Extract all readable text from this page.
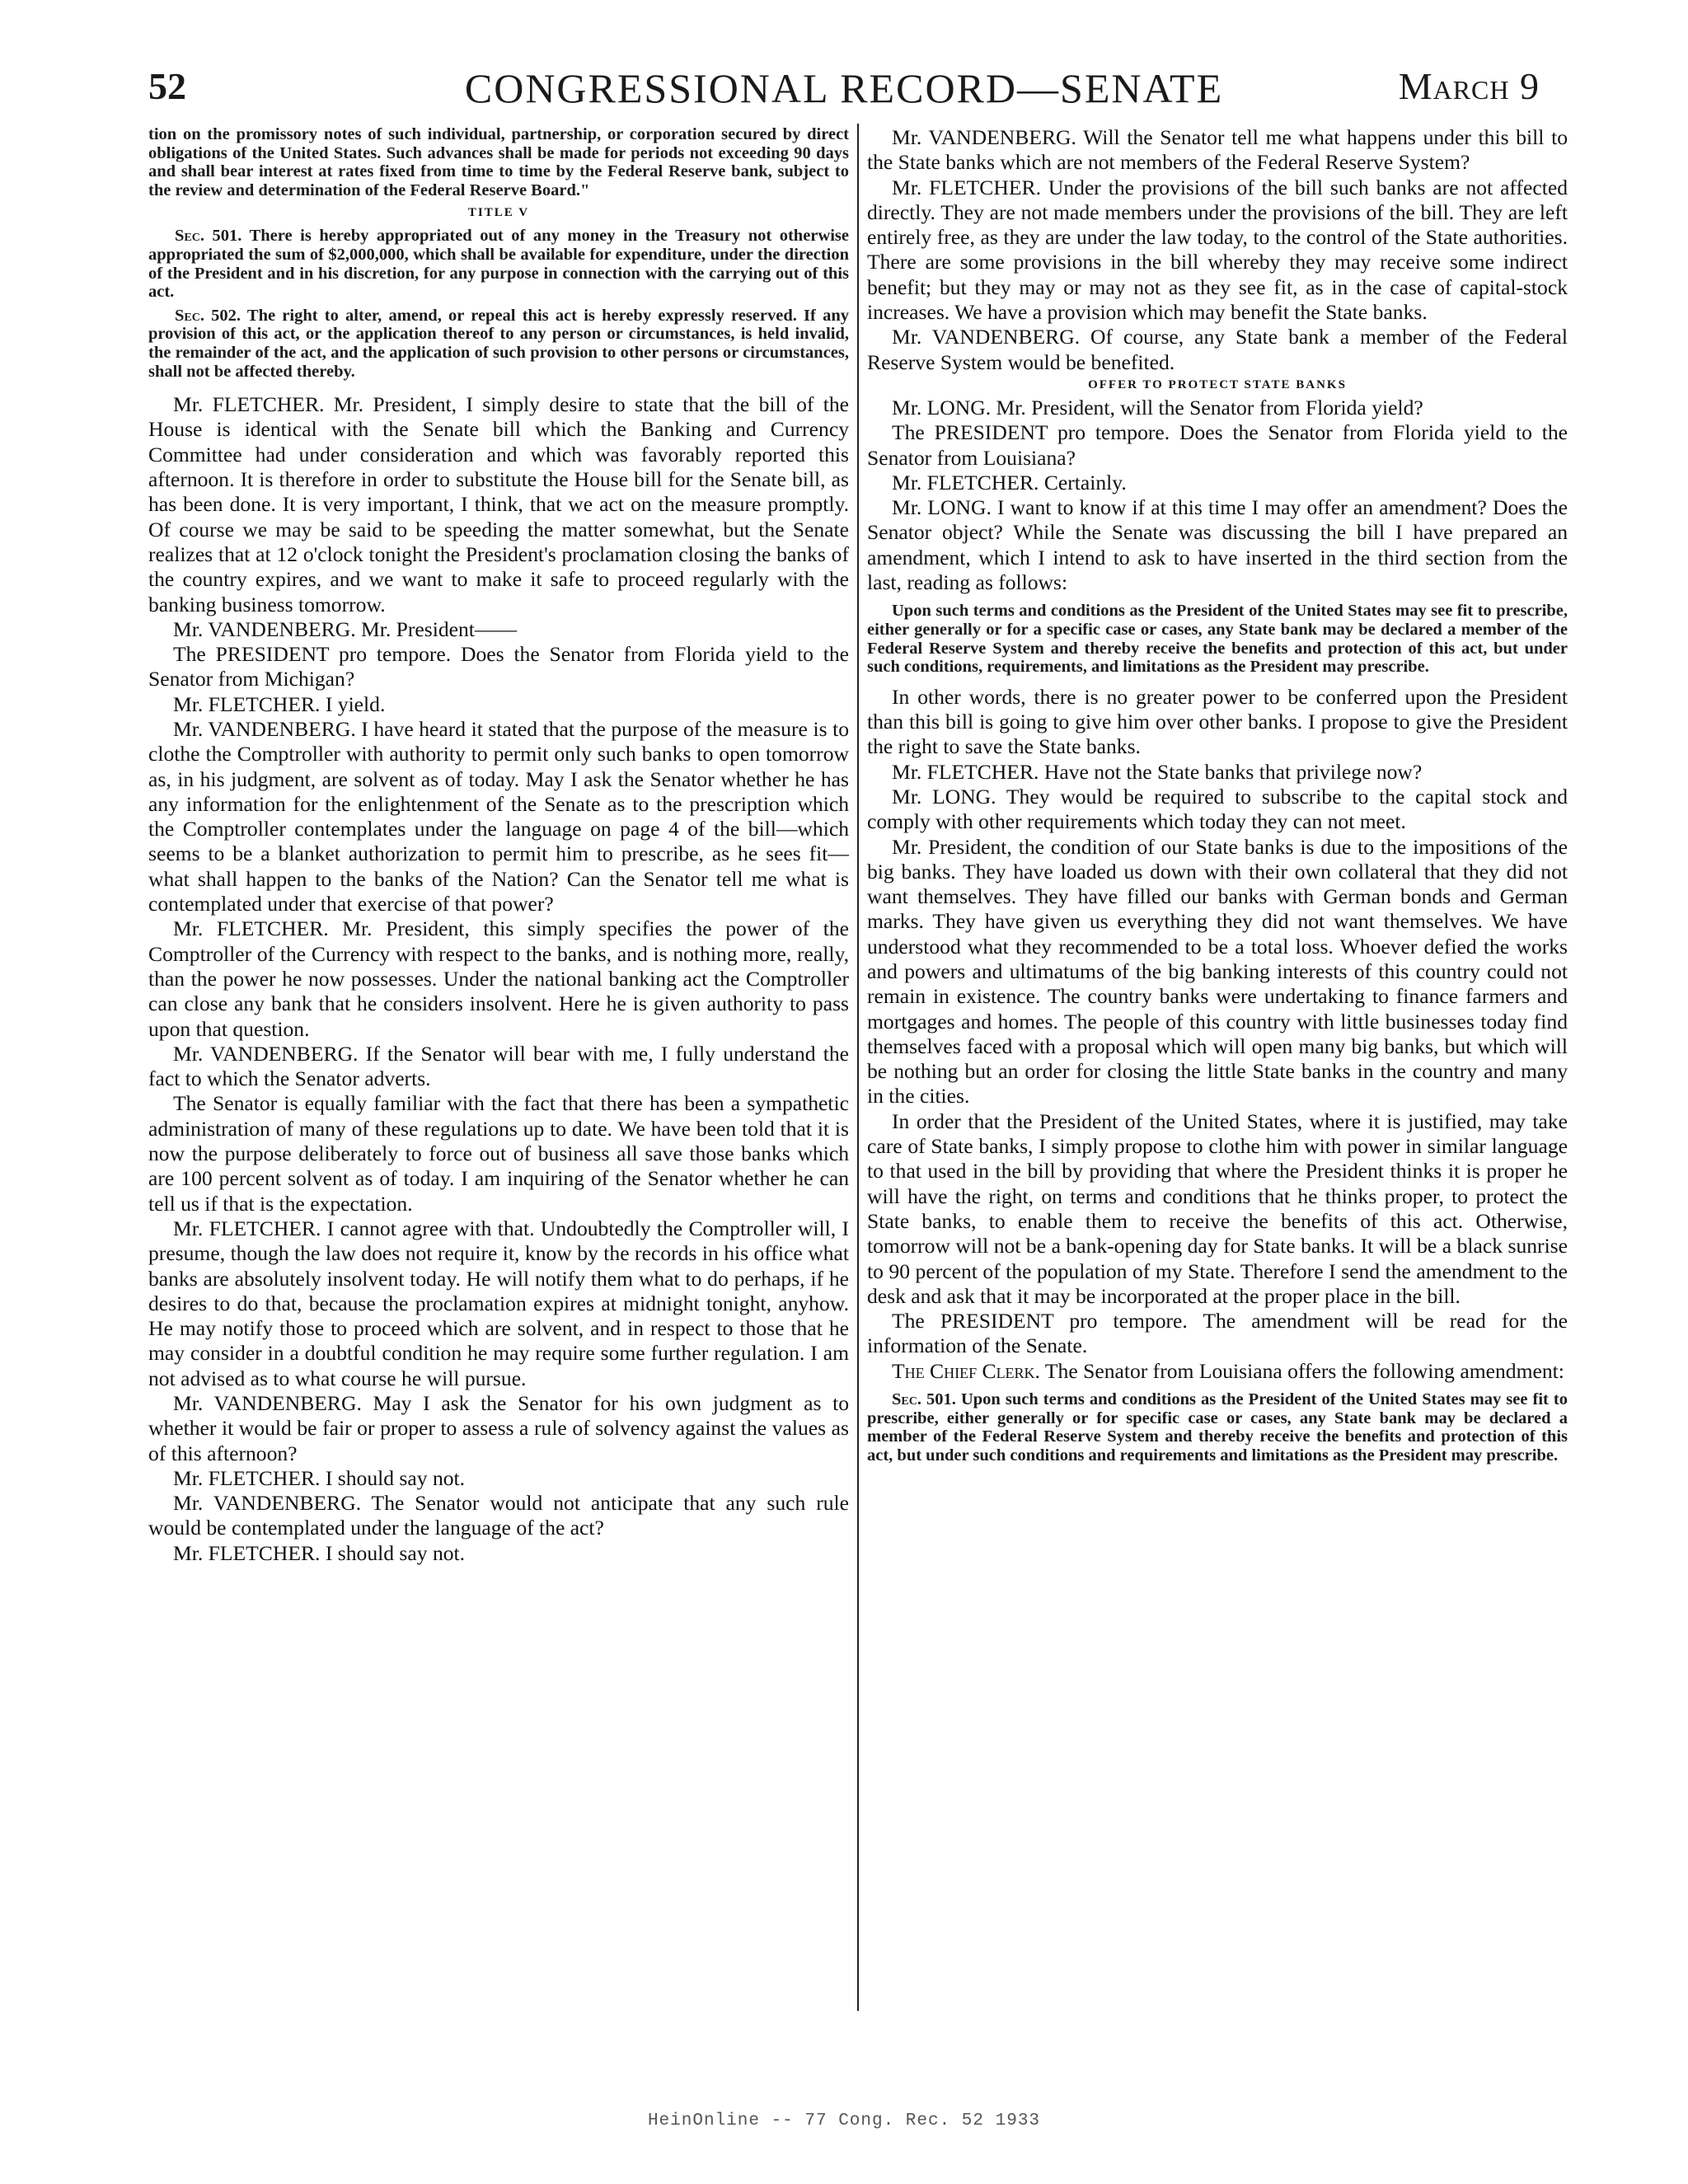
52	CONGRESSIONAL RECORD—SENATE	March 9

tion on the promissory notes of such individual, partnership, or corporation secured by direct obligations of the United States. Such advances shall be made for periods not exceeding 90 days and shall bear interest at rates fixed from time to time by the Federal Reserve bank, subject to the review and determination of the Federal Reserve Board."

TITLE V

Sec. 501. There is hereby appropriated out of any money in the Treasury not otherwise appropriated the sum of $2,000,000, which shall be available for expenditure, under the direction of the President and in his discretion, for any purpose in connection with the carrying out of this act.

Sec. 502. The right to alter, amend, or repeal this act is hereby expressly reserved. If any provision of this act, or the application thereof to any person or circumstances, is held invalid, the remainder of the act, and the application of such provision to other persons or circumstances, shall not be affected thereby.

Mr. FLETCHER. Mr. President, I simply desire to state that the bill of the House is identical with the Senate bill which the Banking and Currency Committee had under consideration and which was favorably reported this afternoon. It is therefore in order to substitute the House bill for the Senate bill, as has been done. It is very important, I think, that we act on the measure promptly. Of course we may be said to be speeding the matter somewhat, but the Senate realizes that at 12 o'clock tonight the President's proclamation closing the banks of the country expires, and we want to make it safe to proceed regularly with the banking business tomorrow.

Mr. VANDENBERG. Mr. President——

The PRESIDENT pro tempore. Does the Senator from Florida yield to the Senator from Michigan?

Mr. FLETCHER. I yield.

Mr. VANDENBERG. I have heard it stated that the purpose of the measure is to clothe the Comptroller with authority to permit only such banks to open tomorrow as, in his judgment, are solvent as of today. May I ask the Senator whether he has any information for the enlightenment of the Senate as to the prescription which the Comptroller contemplates under the language on page 4 of the bill—which seems to be a blanket authorization to permit him to prescribe, as he sees fit—what shall happen to the banks of the Nation? Can the Senator tell me what is contemplated under that exercise of that power?

Mr. FLETCHER. Mr. President, this simply specifies the power of the Comptroller of the Currency with respect to the banks, and is nothing more, really, than the power he now possesses. Under the national banking act the Comptroller can close any bank that he considers insolvent. Here he is given authority to pass upon that question.

Mr. VANDENBERG. If the Senator will bear with me, I fully understand the fact to which the Senator adverts.

The Senator is equally familiar with the fact that there has been a sympathetic administration of many of these regulations up to date. We have been told that it is now the purpose deliberately to force out of business all save those banks which are 100 percent solvent as of today. I am inquiring of the Senator whether he can tell us if that is the expectation.

Mr. FLETCHER. I cannot agree with that. Undoubtedly the Comptroller will, I presume, though the law does not require it, know by the records in his office what banks are absolutely insolvent today. He will notify them what to do perhaps, if he desires to do that, because the proclamation expires at midnight tonight, anyhow. He may notify those to proceed which are solvent, and in respect to those that he may consider in a doubtful condition he may require some further regulation. I am not advised as to what course he will pursue.

Mr. VANDENBERG. May I ask the Senator for his own judgment as to whether it would be fair or proper to assess a rule of solvency against the values as of this afternoon?

Mr. FLETCHER. I should say not.

Mr. VANDENBERG. The Senator would not anticipate that any such rule would be contemplated under the language of the act?

Mr. FLETCHER. I should say not.

Mr. VANDENBERG. Will the Senator tell me what happens under this bill to the State banks which are not members of the Federal Reserve System?

Mr. FLETCHER. Under the provisions of the bill such banks are not affected directly. They are not made members under the provisions of the bill. They are left entirely free, as they are under the law today, to the control of the State authorities. There are some provisions in the bill whereby they may receive some indirect benefit; but they may or may not as they see fit, as in the case of capital-stock increases. We have a provision which may benefit the State banks.

Mr. VANDENBERG. Of course, any State bank a member of the Federal Reserve System would be benefited.

OFFER TO PROTECT STATE BANKS

Mr. LONG. Mr. President, will the Senator from Florida yield?

The PRESIDENT pro tempore. Does the Senator from Florida yield to the Senator from Louisiana?

Mr. FLETCHER. Certainly.

Mr. LONG. I want to know if at this time I may offer an amendment? Does the Senator object? While the Senate was discussing the bill I have prepared an amendment, which I intend to ask to have inserted in the third section from the last, reading as follows:

Upon such terms and conditions as the President of the United States may see fit to prescribe, either generally or for a specific case or cases, any State bank may be declared a member of the Federal Reserve System and thereby receive the benefits and protection of this act, but under such conditions, requirements, and limitations as the President may prescribe.

In other words, there is no greater power to be conferred upon the President than this bill is going to give him over other banks. I propose to give the President the right to save the State banks.

Mr. FLETCHER. Have not the State banks that privilege now?

Mr. LONG. They would be required to subscribe to the capital stock and comply with other requirements which today they can not meet.

Mr. President, the condition of our State banks is due to the impositions of the big banks. They have loaded us down with their own collateral that they did not want themselves. They have filled our banks with German bonds and German marks. They have given us everything they did not want themselves. We have understood what they recommended to be a total loss. Whoever defied the works and powers and ultimatums of the big banking interests of this country could not remain in existence. The country banks were undertaking to finance farmers and mortgages and homes. The people of this country with little businesses today find themselves faced with a proposal which will open many big banks, but which will be nothing but an order for closing the little State banks in the country and many in the cities.

In order that the President of the United States, where it is justified, may take care of State banks, I simply propose to clothe him with power in similar language to that used in the bill by providing that where the President thinks it is proper he will have the right, on terms and conditions that he thinks proper, to protect the State banks, to enable them to receive the benefits of this act. Otherwise, tomorrow will not be a bank-opening day for State banks. It will be a black sunrise to 90 percent of the population of my State. Therefore I send the amendment to the desk and ask that it may be incorporated at the proper place in the bill.

The PRESIDENT pro tempore. The amendment will be read for the information of the Senate.

The Chief Clerk. The Senator from Louisiana offers the following amendment:

Sec. 501. Upon such terms and conditions as the President of the United States may see fit to prescribe, either generally or for specific case or cases, any State bank may be declared a member of the Federal Reserve System and thereby receive the benefits and protection of this act, but under such conditions and requirements and limitations as the President may prescribe.

HeinOnline -- 77 Cong. Rec. 52 1933
